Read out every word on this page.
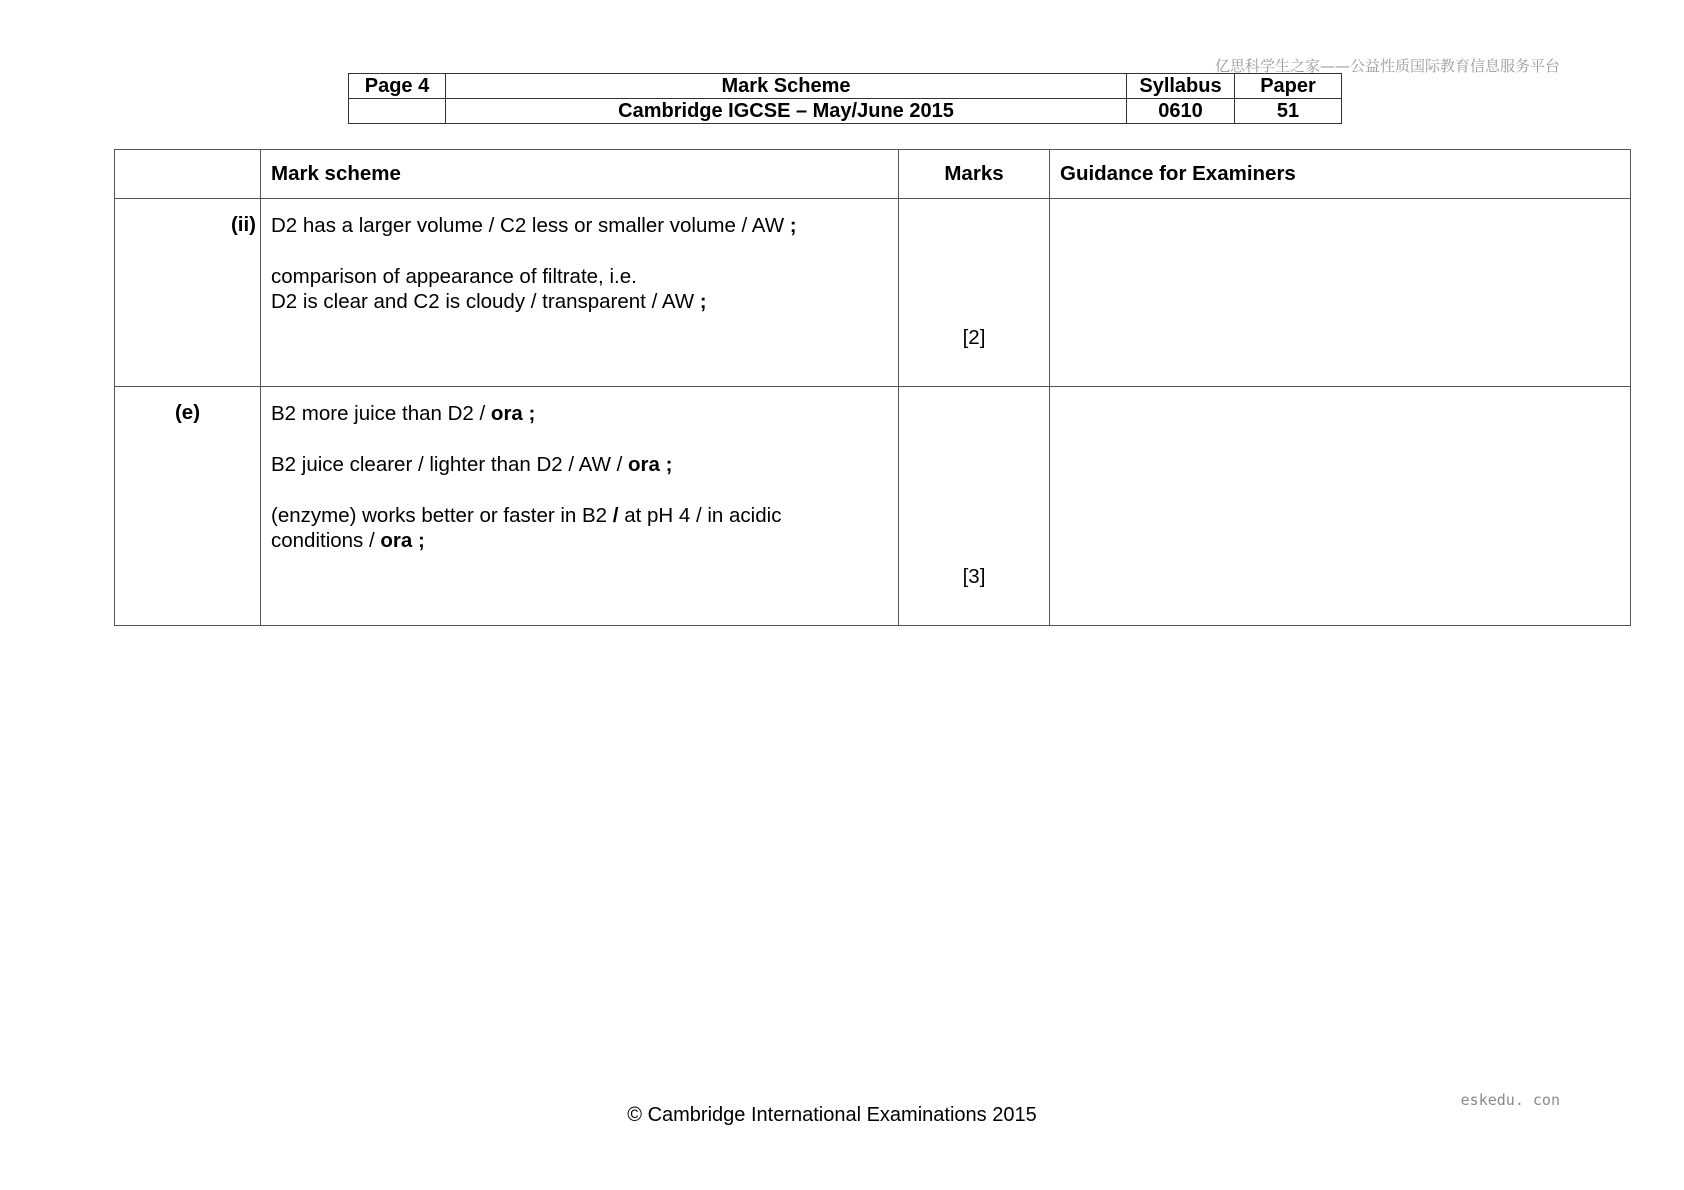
亿思科学生之家——公益性质国际教育信息服务平台
Page 4	Mark Scheme	Syllabus	Paper
	Cambridge IGCSE – May/June 2015	0610	51
	Mark scheme	Marks	Guidance for Examiners
(ii)	D2 has a larger volume / C2 less or smaller volume / AW ;

comparison of appearance of filtrate, i.e.

D2 is clear and C2 is cloudy / transparent / AW ;	[2]	

(e)	B2 more juice than D2 / ora ;

B2 juice clearer / lighter than D2 / AW / ora ;

(enzyme) works better or faster in B2 / at pH 4 / in acidic

conditions / ora ;	[3]	

© Cambridge International Examinations 2015
eskedu. con
